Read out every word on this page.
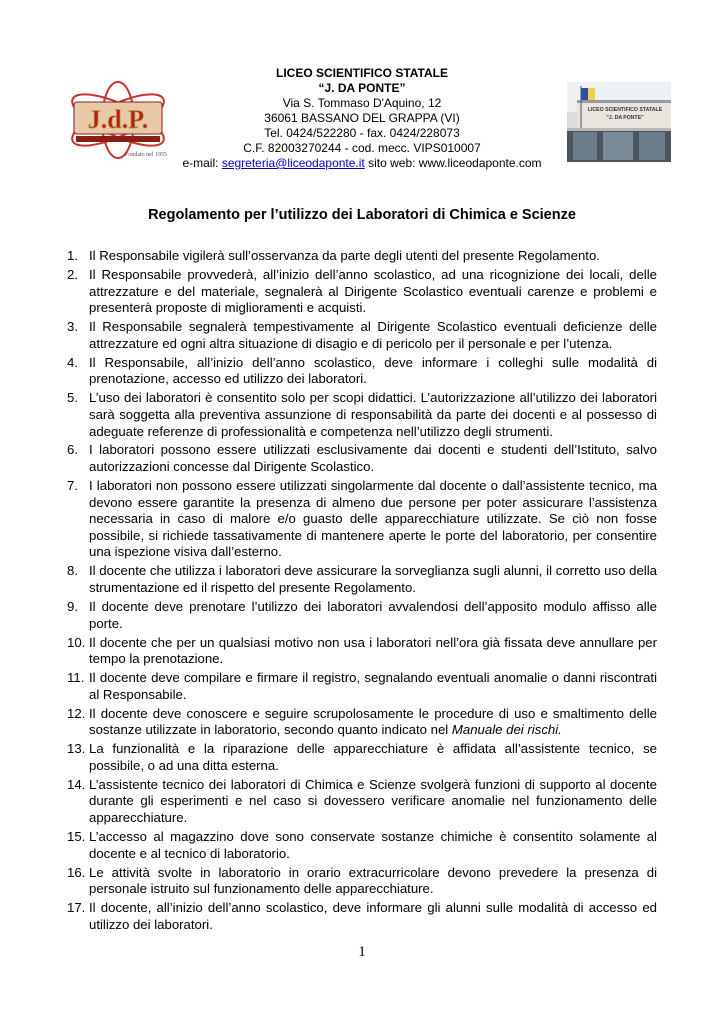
J.d.P.
Fondato nel 1955
LICEO SCIENTIFICO STATALE
"J. DA PONTE"
LICEO SCIENTIFICO STATALE
“J. DA PONTE”
Via S. Tommaso D'Aquino, 12
36061 BASSANO DEL GRAPPA (VI)
Tel. 0424/522280 - fax. 0424/228073
C.F. 82003270244 - cod. mecc. VIPS010007
e-mail: segreteria@liceodaponte.it sito web: www.liceodaponte.com
Regolamento per l’utilizzo dei Laboratori di Chimica e Scienze
1. Il Responsabile vigilerà sull’osservanza da parte degli utenti del presente Regolamento.
2. Il Responsabile provvederà, all’inizio dell’anno scolastico, ad una ricognizione dei locali, delle attrezzature e del materiale, segnalerà al Dirigente Scolastico eventuali carenze e problemi e presenterà proposte di miglioramenti e acquisti.
3. Il Responsabile segnalerà tempestivamente al Dirigente Scolastico eventuali deficienze delle attrezzature ed ogni altra situazione di disagio e di pericolo per il personale e per l’utenza.
4. Il Responsabile, all’inizio dell’anno scolastico, deve informare i colleghi sulle modalità di prenotazione, accesso ed utilizzo dei laboratori.
5. L’uso dei laboratori è consentito solo per scopi didattici. L’autorizzazione all’utilizzo dei laboratori sarà soggetta alla preventiva assunzione di responsabilità da parte dei docenti e al possesso di adeguate referenze di professionalità e competenza nell’utilizzo degli strumenti.
6. I laboratori possono essere utilizzati esclusivamente dai docenti e studenti dell’Istituto, salvo autorizzazioni concesse dal Dirigente Scolastico.
7. I laboratori non possono essere utilizzati singolarmente dal docente o dall’assistente tecnico, ma devono essere garantite la presenza di almeno due persone per poter assicurare l’assistenza necessaria in caso di malore e/o guasto delle apparecchiature utilizzate. Se ciò non fosse possibile, si richiede tassativamente di mantenere aperte le porte del laboratorio, per consentire una ispezione visiva dall’esterno.
8. Il docente che utilizza i laboratori deve assicurare la sorveglianza sugli alunni, il corretto uso della strumentazione ed il rispetto del presente Regolamento.
9. Il docente deve prenotare l’utilizzo dei laboratori avvalendosi dell’apposito modulo affisso alle porte.
10. Il docente che per un qualsiasi motivo non usa i laboratori nell’ora già fissata deve annullare per tempo la prenotazione.
11. Il docente deve compilare e firmare il registro, segnalando eventuali anomalie o danni riscontrati al Responsabile.
12. Il docente deve conoscere e seguire scrupolosamente le procedure di uso e smaltimento delle sostanze utilizzate in laboratorio, secondo quanto indicato nel Manuale dei rischi.
13. La funzionalità e la riparazione delle apparecchiature è affidata all’assistente tecnico, se possibile, o ad una ditta esterna.
14. L’assistente tecnico dei laboratori di Chimica e Scienze svolgerà funzioni di supporto al docente durante gli esperimenti e nel caso si dovessero verificare anomalie nel funzionamento delle apparecchiature.
15. L’accesso al magazzino dove sono conservate sostanze chimiche è consentito solamente al docente e al tecnico di laboratorio.
16. Le attività svolte in laboratorio in orario extracurricolare devono prevedere la presenza di personale istruito sul funzionamento delle apparecchiature.
17. Il docente, all’inizio dell’anno scolastico, deve informare gli alunni sulle modalità di accesso ed utilizzo dei laboratori.
1
